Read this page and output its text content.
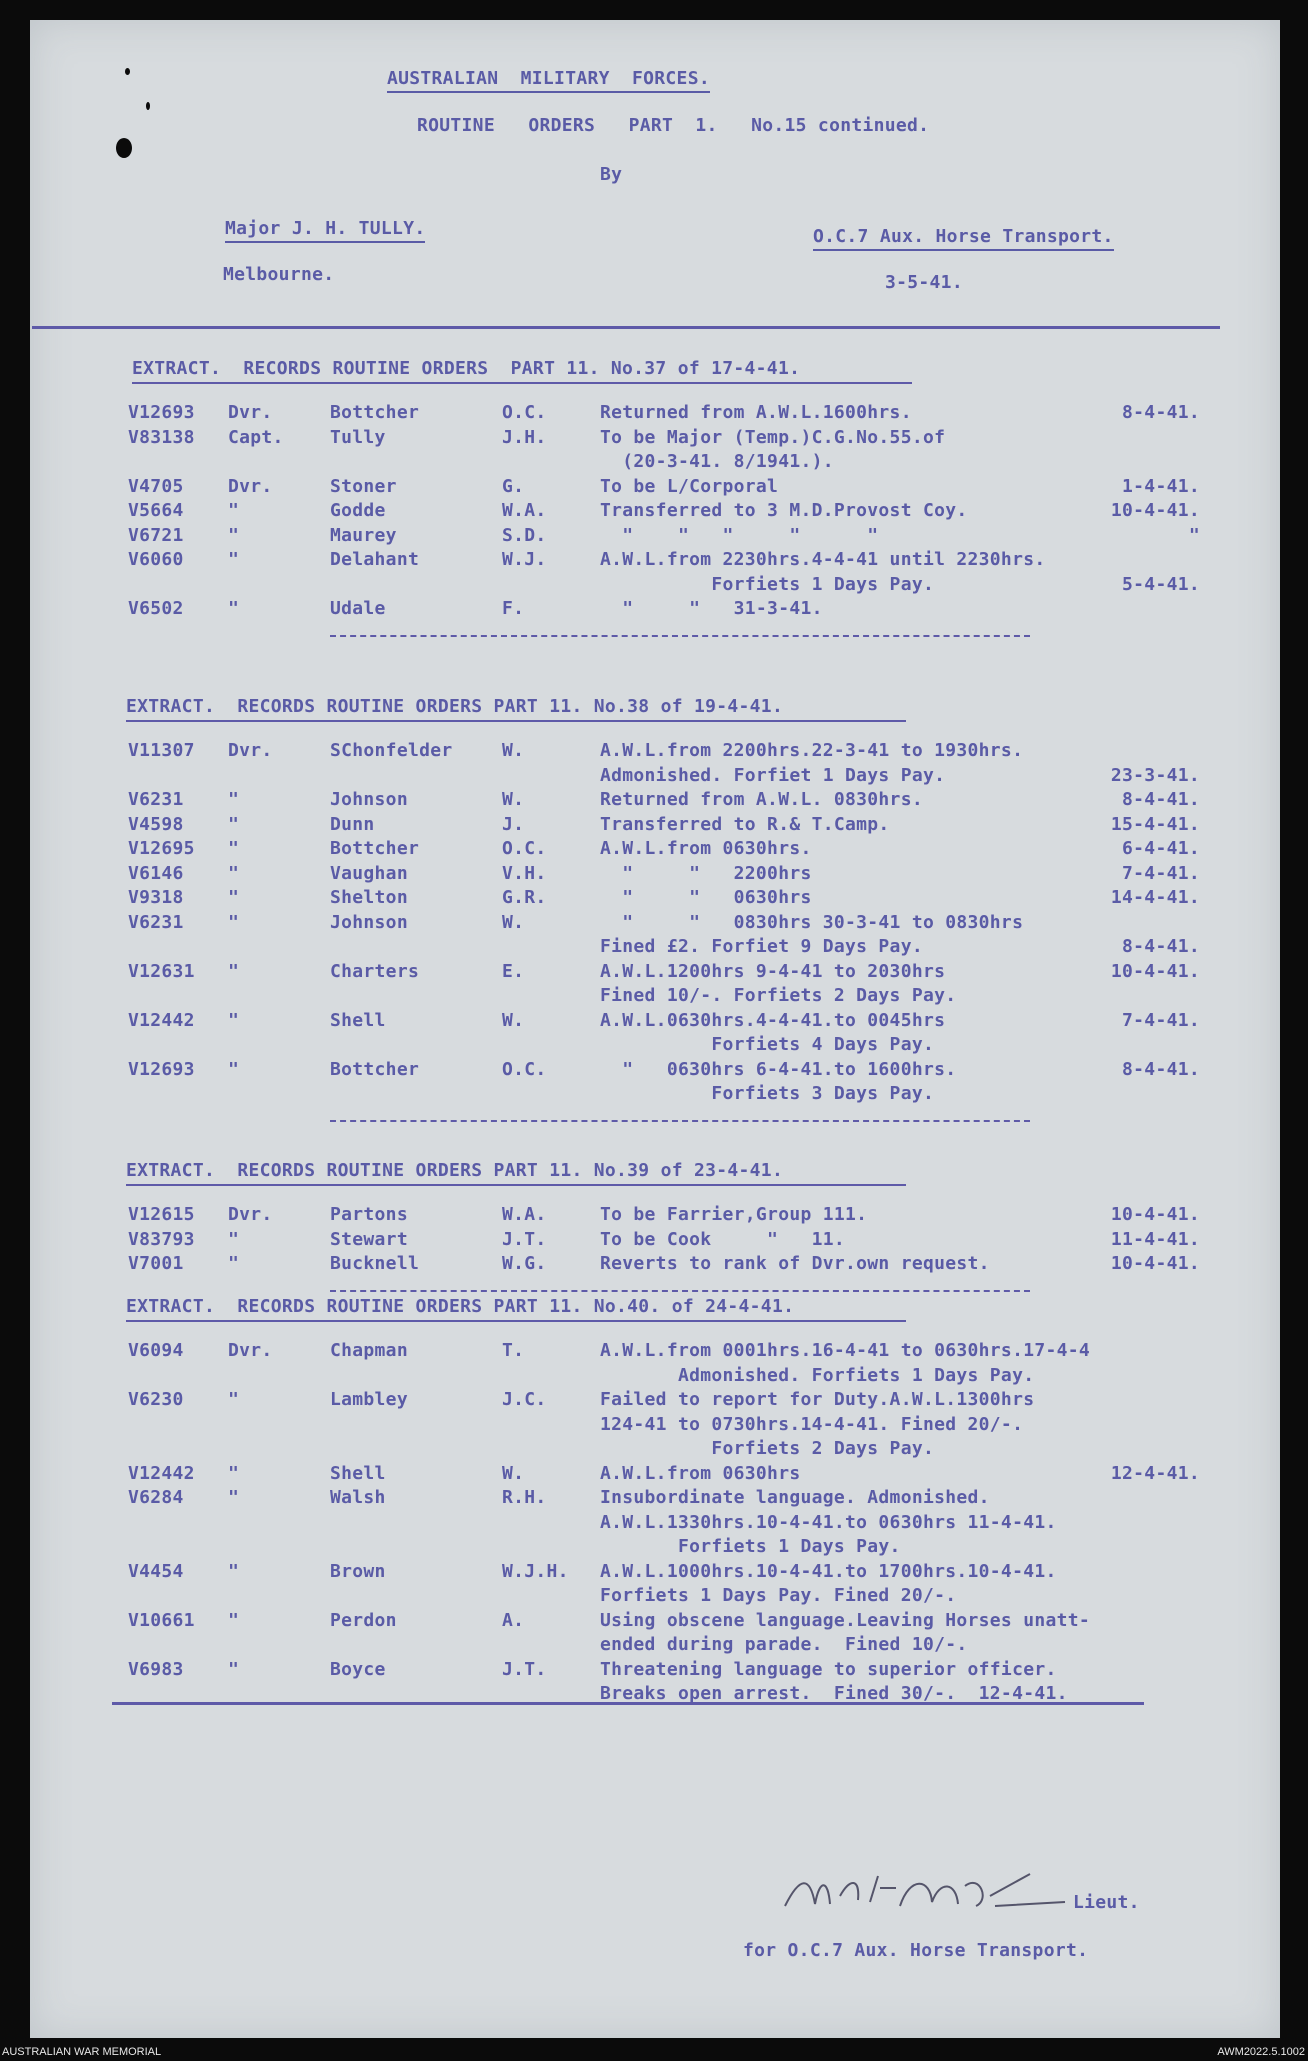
AUSTRALIAN  MILITARY  FORCES.
ROUTINE   ORDERS   PART  1.   No.15 continued.
By
Major J. H. TULLY.	O.C.7 Aux. Horse Transport.
Melbourne.	3-5-41.
EXTRACT.  RECORDS ROUTINE ORDERS  PART 11. No.37 of 17-4-41.
V12693 Dvr.	Bottcher	O.C.	Returned from A.W.L.1600hrs.	8-4-41.
V83138 Capt.	Tully	J.H.	To be Major (Temp.)C.G.No.55.of
(20-3-41. 8/1941.).
V4705 Dvr.	Stoner	G.	To be L/Corporal	1-4-41.
V5664 "	Godde	W.A.	Transferred to 3 M.D.Provost Coy.	10-4-41.
V6721 "	Maurey	S.D.	"    "   "     "      "	"
V6060 "	Delahant	W.J.	A.W.L.from 2230hrs.4-4-41 until 2230hrs.
Forfiets 1 Days Pay.	5-4-41.
V6502 "	Udale	F.	"     "   31-3-41.
EXTRACT.  RECORDS ROUTINE ORDERS PART 11. No.38 of 19-4-41.
V11307 Dvr.	SChonfelder	W.	A.W.L.from 2200hrs.22-3-41 to 1930hrs.
Admonished. Forfiet 1 Days Pay.	23-3-41.
V6231 "	Johnson	W.	Returned from A.W.L. 0830hrs.	8-4-41.
V4598 "	Dunn	J.	Transferred to R.& T.Camp.	15-4-41.
V12695 "	Bottcher	O.C.	A.W.L.from 0630hrs.	6-4-41.
V6146 "	Vaughan	V.H.	"     "   2200hrs	7-4-41.
V9318 "	Shelton	G.R.	"     "   0630hrs	14-4-41.
V6231 "	Johnson	W.	"     "   0830hrs 30-3-41 to 0830hrs
Fined £2. Forfiet 9 Days Pay.	8-4-41.
V12631 "	Charters	E.	A.W.L.1200hrs 9-4-41 to 2030hrs	10-4-41.
Fined 10/-. Forfiets 2 Days Pay.
V12442 "	Shell	W.	A.W.L.0630hrs.4-4-41.to 0045hrs	7-4-41.
Forfiets 4 Days Pay.
V12693 "	Bottcher	O.C.	"   0630hrs 6-4-41.to 1600hrs.	8-4-41.
Forfiets 3 Days Pay.
EXTRACT.  RECORDS ROUTINE ORDERS PART 11. No.39 of 23-4-41.
V12615 Dvr.	Partons	W.A.	To be Farrier,Group 111.	10-4-41.
V83793 "	Stewart	J.T.	To be Cook     "   11.	11-4-41.
V7001 "	Bucknell	W.G.	Reverts to rank of Dvr.own request.	10-4-41.
EXTRACT.  RECORDS ROUTINE ORDERS PART 11. No.40. of 24-4-41.
V6094 Dvr.	Chapman	T.	A.W.L.from 0001hrs.16-4-41 to 0630hrs.17-4-4
Admonished. Forfiets 1 Days Pay.
V6230 "	Lambley	J.C.	Failed to report for Duty.A.W.L.1300hrs
124-41 to 0730hrs.14-4-41. Fined 20/-.
Forfiets 2 Days Pay.
V12442 "	Shell	W.	A.W.L.from 0630hrs	12-4-41.
V6284 "	Walsh	R.H.	Insubordinate language. Admonished.
A.W.L.1330hrs.10-4-41.to 0630hrs 11-4-41.
Forfiets 1 Days Pay.
V4454 "	Brown	W.J.H. A.W.L.1000hrs.10-4-41.to 1700hrs.10-4-41.
Forfiets 1 Days Pay. Fined 20/-.
V10661 "	Perdon	A.	Using obscene language.Leaving Horses unatt-
ended during parade.  Fined 10/-.
V6983 "	Boyce	J.T.	Threatening language to superior officer.
Breaks open arrest.  Fined 30/-.  12-4-41.
Lieut.
for O.C.7 Aux. Horse Transport.
AUSTRALIAN WAR MEMORIAL	AWM2022.5.1002
